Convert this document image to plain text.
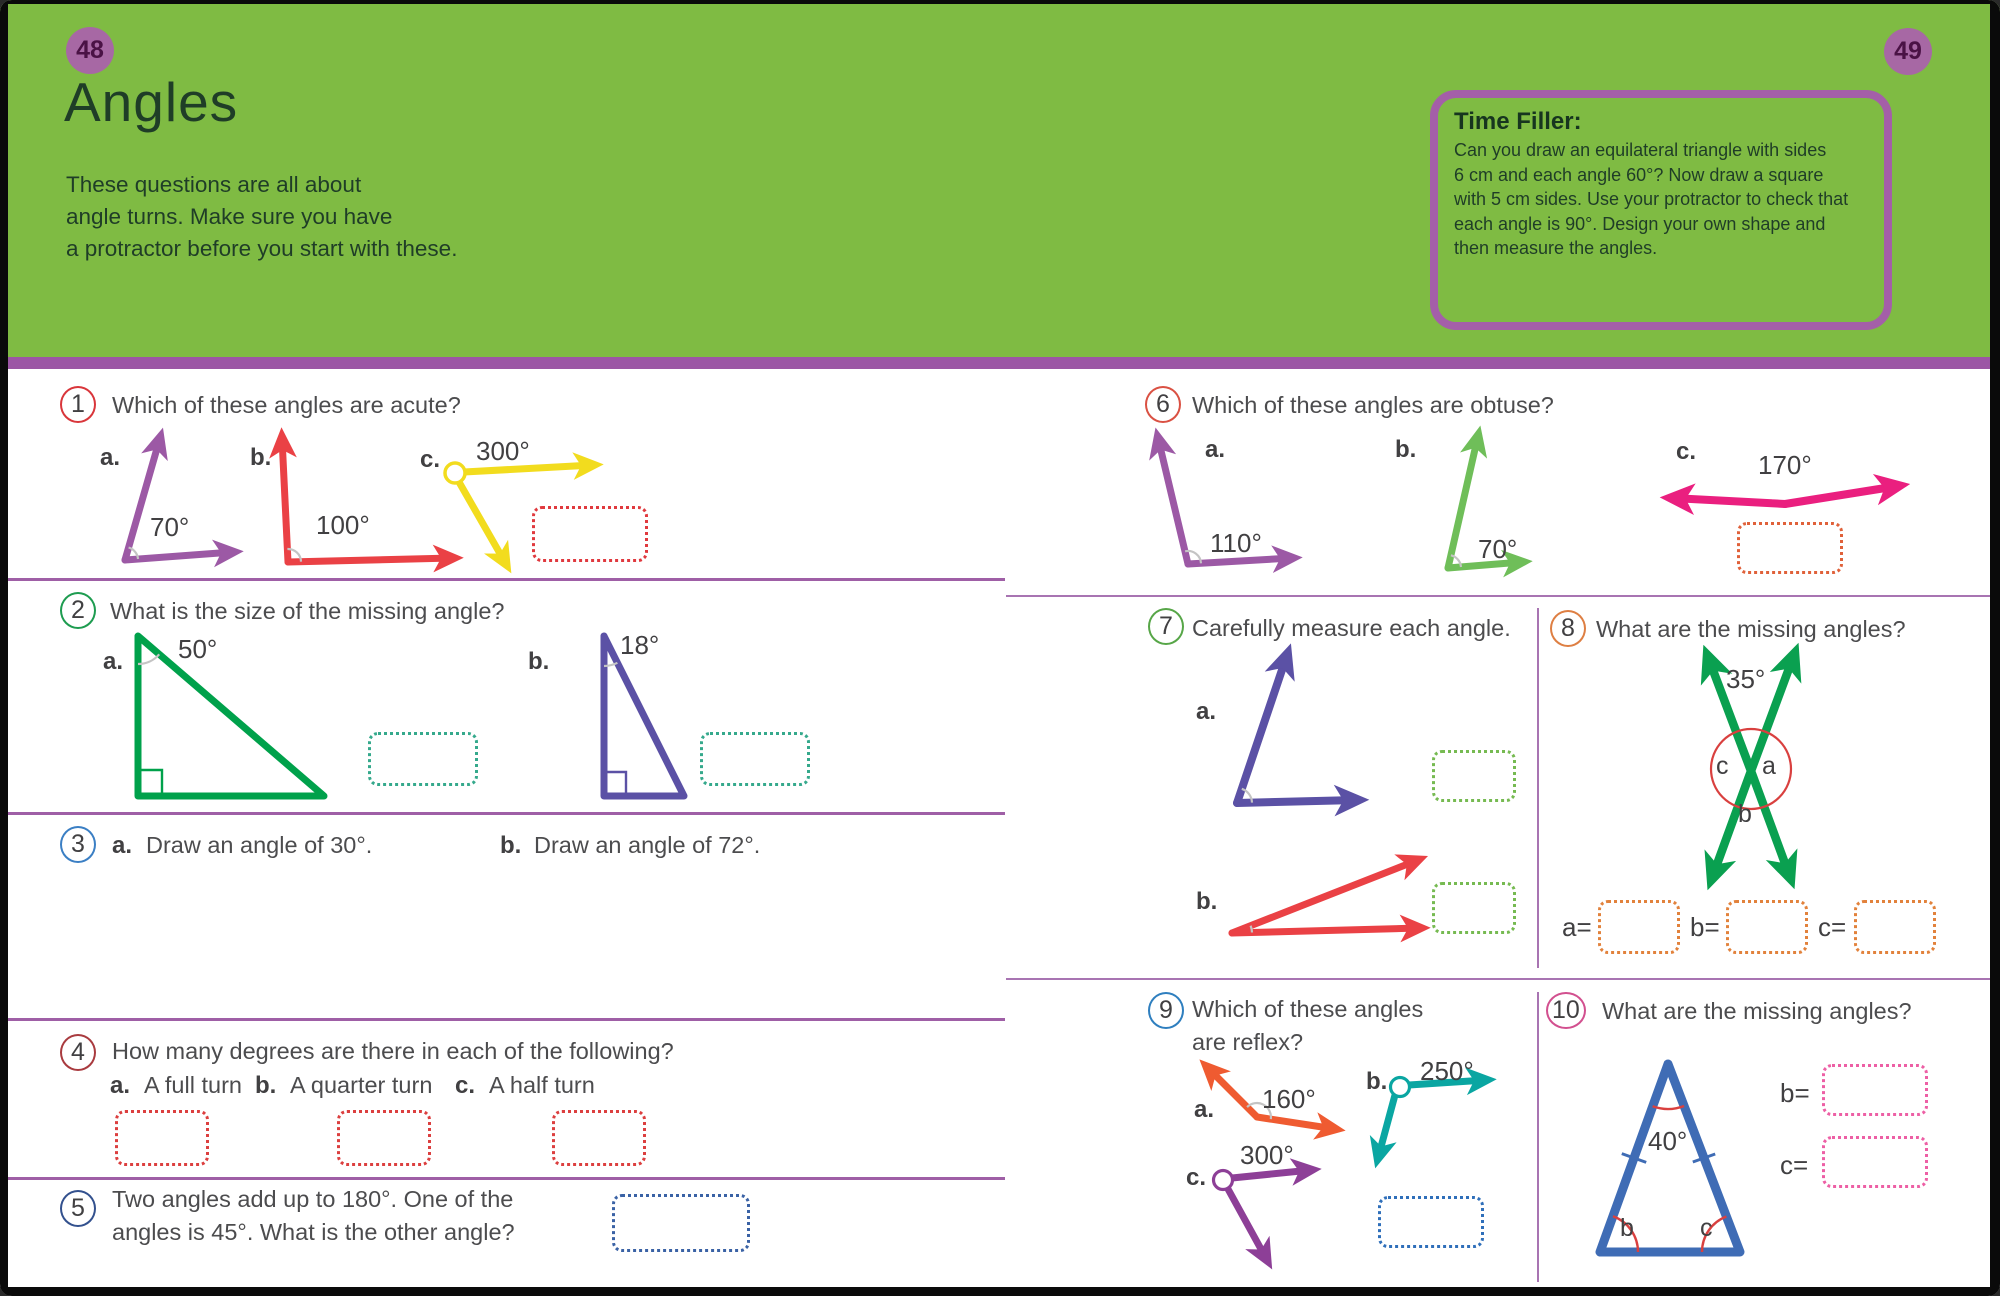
48	49
Angles
These questions are all about
angle turns. Make sure you have
a protractor before you start with these.
Time Filler:
Can you draw an equilateral triangle with sides
6 cm and each angle 60°? Now draw a square
with 5 cm sides. Use your protractor to check that
each angle is 90°. Design your own shape and
then measure the angles.
1	Which of these angles are acute?
a.
70°
b.
100°
c. 300°
2	What is the size of the missing angle?
a. 50°	b.
18°
3	a. Draw an angle of 30°.	b. Draw an angle of 72°.
4	How many degrees are there in each of the following?
a. A full turn b. A quarter turn c. A half turn
5	Two angles add up to 180°. One of the
angles is 45°. What is the other angle?
6 Which of these angles are obtuse?
a.
110°
b.
70°
c. 170°
7 Carefully measure each angle.
a.
b.
8 What are the missing angles?
35°
c a
b
a=	b=	c=
9 Which of these angles
are reflex?
a. 160°
b. 250°
c.
300°
10 What are the missing angles?
40°
b	c
b=
c=
